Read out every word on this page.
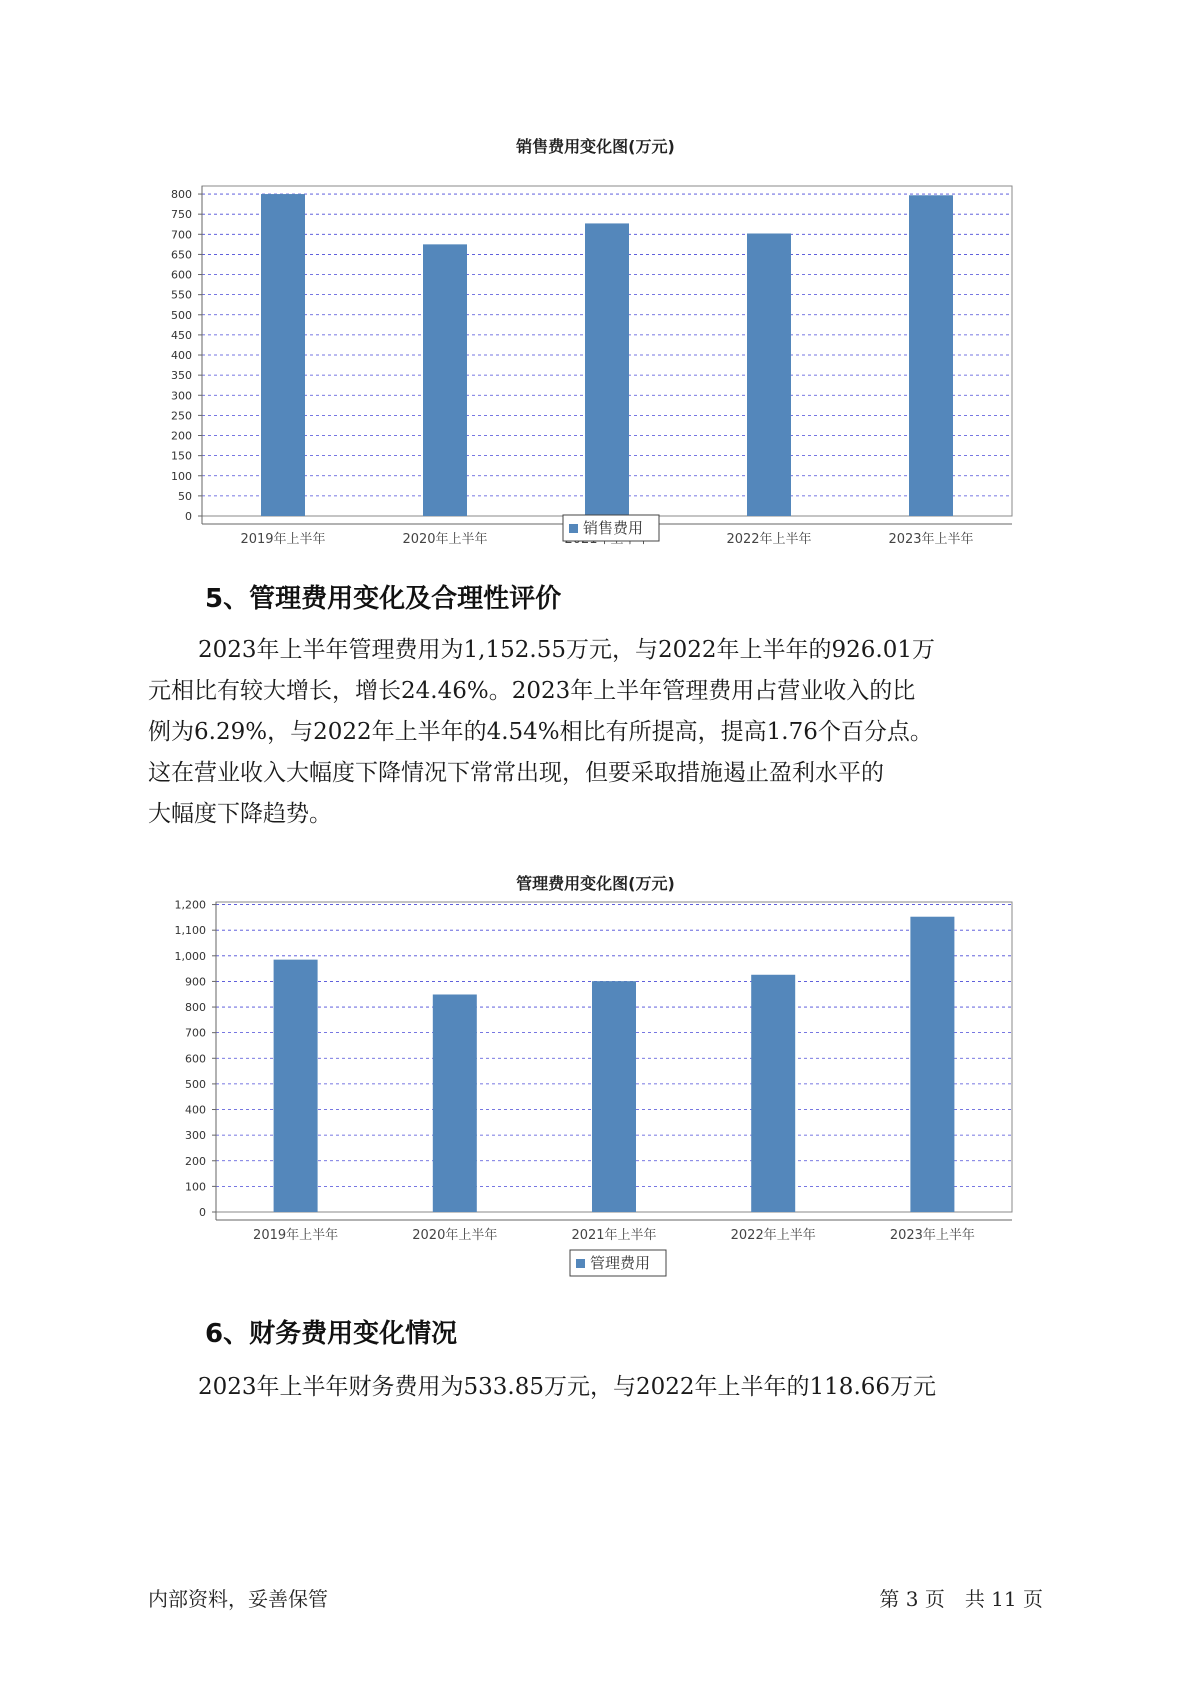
销售费用变化图(万元)
0
50
100
150
200
250
300
350
400
450
500
550
600
650
700
750
800
2019年上半年	2020年上半年	2022年上半年	2023年上半年
销售费用
5、管理费用变化及合理性评价
2023年上半年管理费用为1,152.55万元，与2022年上半年的926.01万
元相比有较大增长，增长24.46%。2023年上半年管理费用占营业收入的比
例为6.29%，与2022年上半年的4.54%相比有所提高，提高1.76个百分点。
这在营业收入大幅度下降情况下常常出现，但要采取措施遏止盈利水平的
大幅度下降趋势。
管理费用变化图(万元)
0
100
200
300
400
500
600
700
800
900
1,000
1,100
1,200
2019年上半年	2020年上半年	2021年上半年	2022年上半年	2023年上半年
管理费用
6、财务费用变化情况
2023年上半年财务费用为533.85万元，与2022年上半年的118.66万元
内部资料，妥善保管	第 3 页　共 11 页
